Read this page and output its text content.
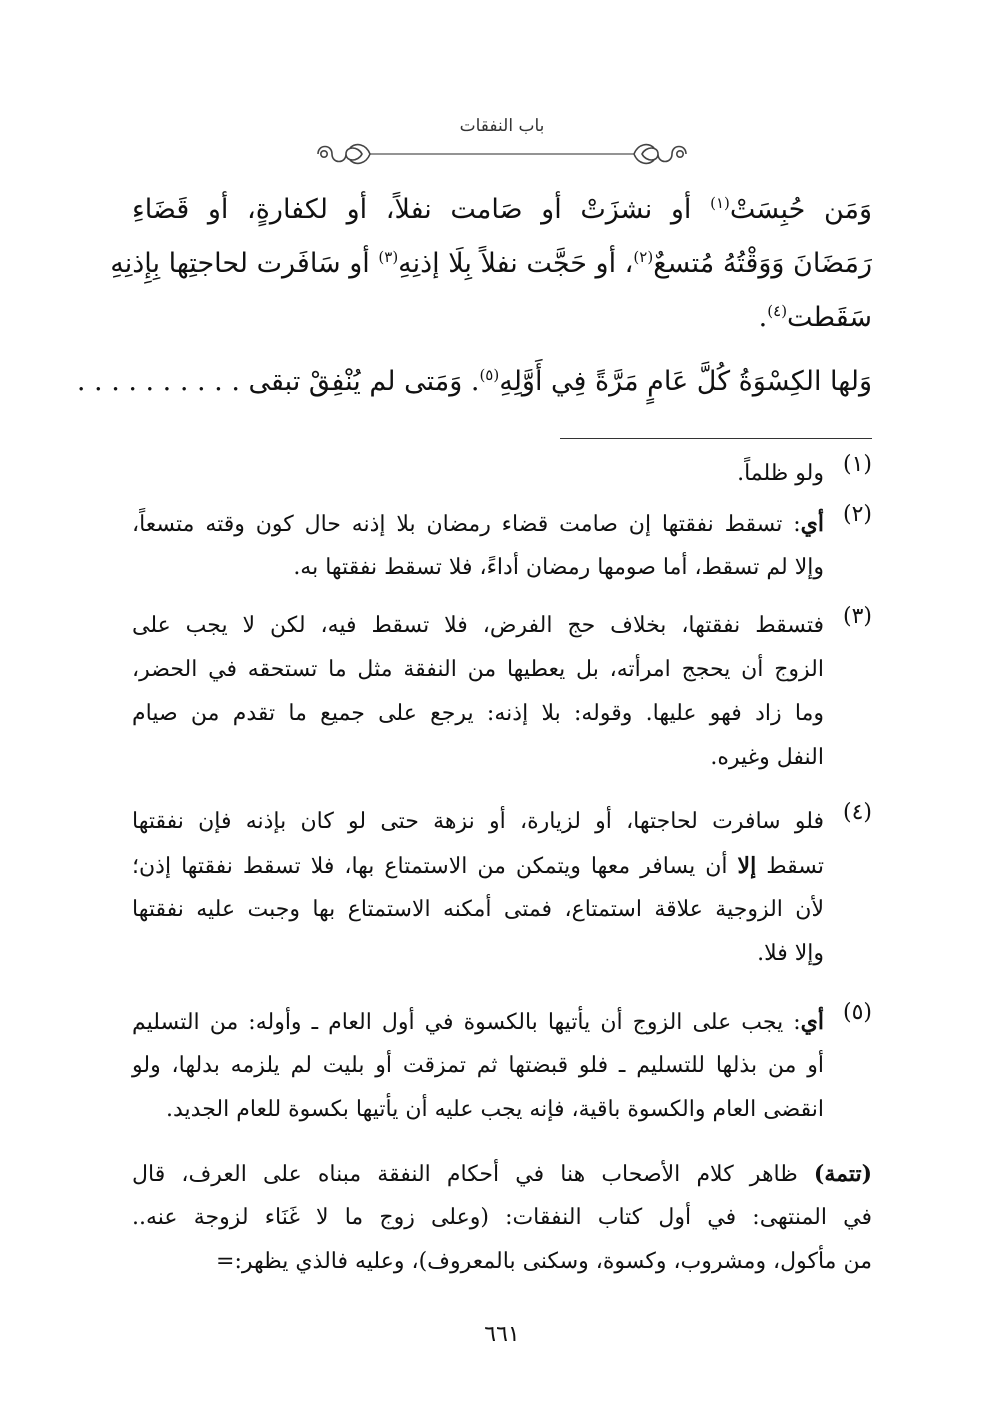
باب النفقات
وَمَن حُبِسَتْ$^{(١)}$ أو نشزَتْ أو صَامت نفلاً، أو لكفارةٍ، أو قَضَاءِ
رَمَضَانَ وَوَقْتُهُ مُتسعٌ$^{(٢)}$، أو حَجَّت نفلاً بِلَا إذنِهِ$^{(٣)}$ أو سَافَرت لحاجتِها بِإِذنِهِ
سَقَطت$^{(٤)}$.
وَلها الكِسْوَةُ كُلَّ عَامٍ مَرَّةً فِي أَوَّلِهِ$^{(٥)}$. وَمَتى لم يُنْفِقْ تبقى . . . . . . . . . .
(١)
ولو ظلماً.
(٢)
أي: تسقط نفقتها إن صامت قضاء رمضان بلا إذنه حال كون وقته متسعاً،
وإلا لم تسقط، أما صومها رمضان أداءً، فلا تسقط نفقتها به.
(٣)
فتسقط نفقتها، بخلاف حج الفرض، فلا تسقط فيه، لكن لا يجب على
الزوج أن يحجج امرأته، بل يعطيها من النفقة مثل ما تستحقه في الحضر،
وما زاد فهو عليها. وقوله: بلا إذنه: يرجع على جميع ما تقدم من صيام
النفل وغيره.
(٤)
فلو سافرت لحاجتها، أو لزيارة، أو نزهة حتى لو كان بإذنه فإن نفقتها
تسقط إلا أن يسافر معها ويتمكن من الاستمتاع بها، فلا تسقط نفقتها إذن؛
لأن الزوجية علاقة استمتاع، فمتى أمكنه الاستمتاع بها وجبت عليه نفقتها
وإلا فلا.
(٥)
أي: يجب على الزوج أن يأتيها بالكسوة في أول العام ـ وأوله: من التسليم
أو من بذلها للتسليم ـ فلو قبضتها ثم تمزقت أو بليت لم يلزمه بدلها، ولو
انقضى العام والكسوة باقية، فإنه يجب عليه أن يأتيها بكسوة للعام الجديد.
(تتمة) ظاهر كلام الأصحاب هنا في أحكام النفقة مبناه على العرف، قال
في المنتهى: في أول كتاب النفقات: (وعلى زوج ما لا غَنَاء لزوجة عنه..
من مأكول، ومشروب، وكسوة، وسكنى بالمعروف)، وعليه فالذي يظهر:=
٦٦١
